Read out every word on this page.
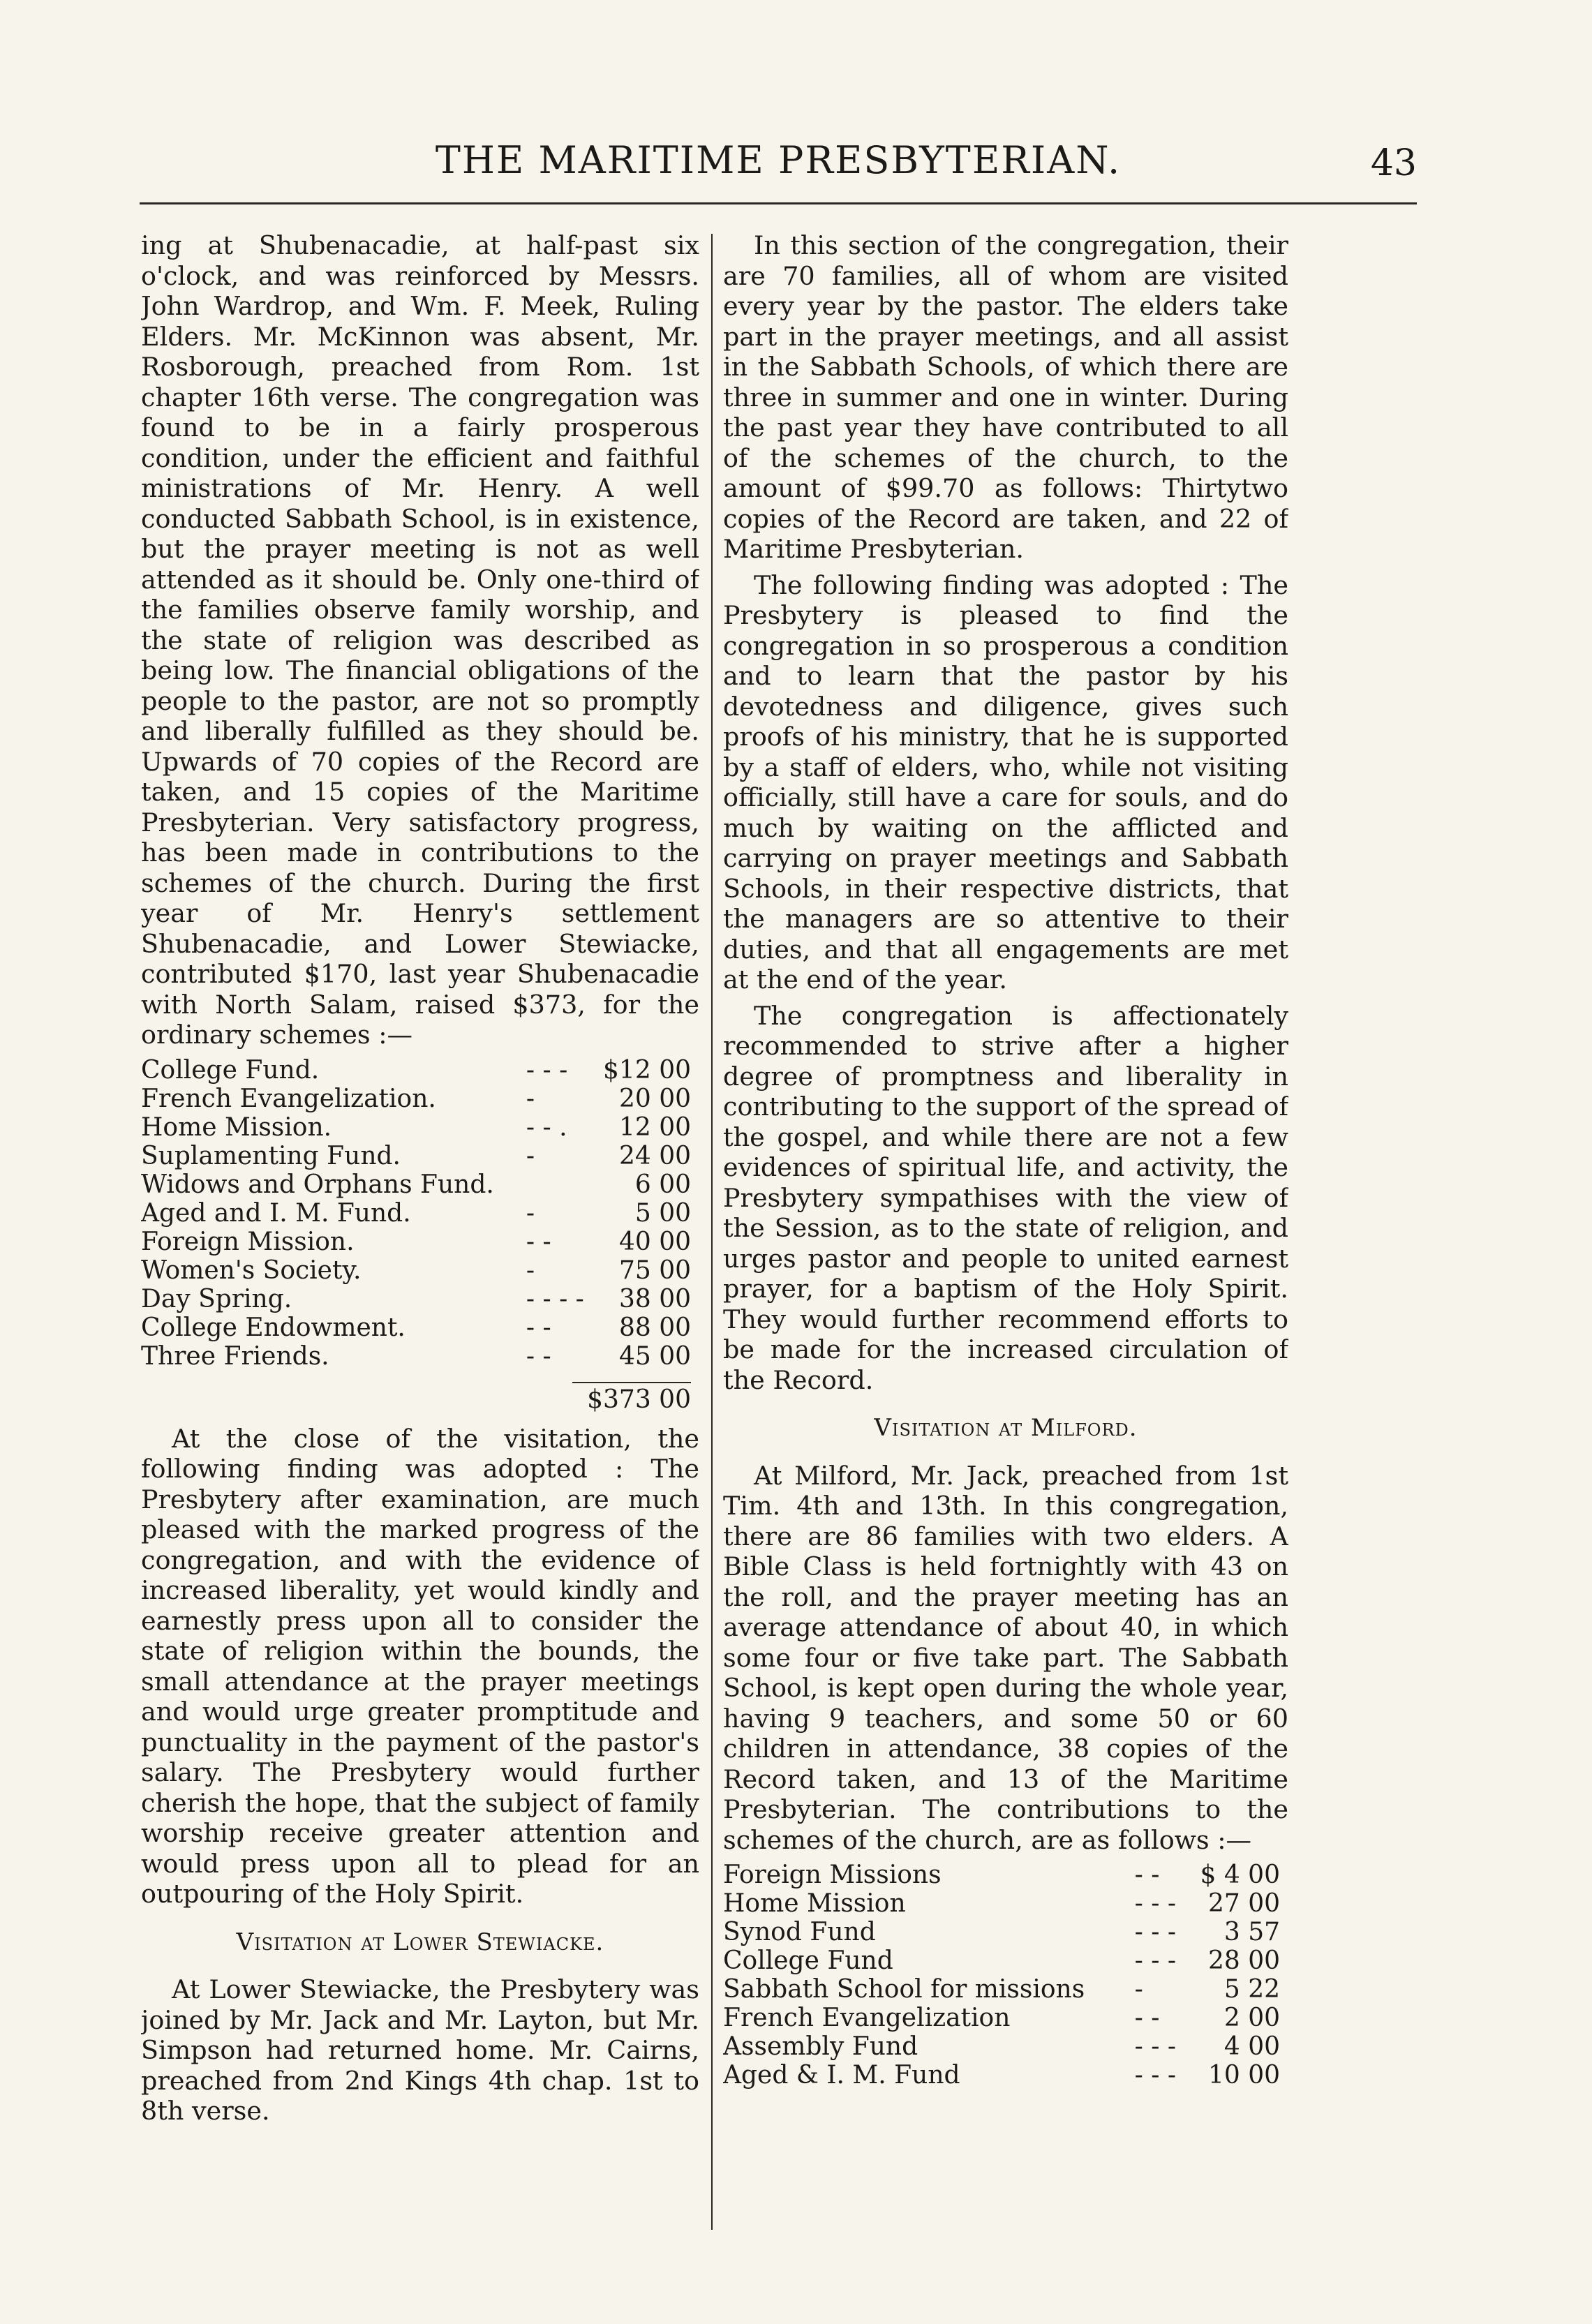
THE MARITIME PRESBYTERIAN.	43

ing at Shubenacadie, at half-past six o'clock, and was reinforced by Messrs. John Wardrop, and Wm. F. Meek, Ruling Elders. Mr. McKinnon was absent, Mr. Rosborough, preached from Rom. 1st chapter 16th verse. The congregation was found to be in a fairly prosperous condition, under the efficient and faithful ministrations of Mr. Henry. A well conducted Sabbath School, is in existence, but the prayer meeting is not as well attended as it should be. Only one-third of the families observe family worship, and the state of religion was described as being low. The financial obligations of the people to the pastor, are not so promptly and liberally fulfilled as they should be. Upwards of 70 copies of the Record are taken, and 15 copies of the Maritime Presbyterian. Very satisfactory progress, has been made in contributions to the schemes of the church. During the first year of Mr. Henry's settlement Shubenacadie, and Lower Stewiacke, contributed $170, last year Shubenacadie with North Salam, raised $373, for the ordinary schemes :—

College Fund.	- - -	$12 00
French Evangelization.	-	20 00
Home Mission.	- - .	12 00
Suplamenting Fund.	-	24 00
Widows and Orphans Fund.		6 00
Aged and I. M. Fund.	-	5 00
Foreign Mission.	- -	40 00
Women's Society.	-	75 00
Day Spring.	- - - -	38 00
College Endowment.	- -	88 00
Three Friends.	- -	45 00
$373 00

At the close of the visitation, the following finding was adopted : The Presbytery after examination, are much pleased with the marked progress of the congregation, and with the evidence of increased liberality, yet would kindly and earnestly press upon all to consider the state of religion within the bounds, the small attendance at the prayer meetings and would urge greater promptitude and punctuality in the payment of the pastor's salary. The Presbytery would further cherish the hope, that the subject of family worship receive greater attention and would press upon all to plead for an outpouring of the Holy Spirit.

Visitation at Lower Stewiacke.

At Lower Stewiacke, the Presbytery was joined by Mr. Jack and Mr. Layton, but Mr. Simpson had returned home. Mr. Cairns, preached from 2nd Kings 4th chap. 1st to 8th verse.

In this section of the congregation, their are 70 families, all of whom are visited every year by the pastor. The elders take part in the prayer meetings, and all assist in the Sabbath Schools, of which there are three in summer and one in winter. During the past year they have contributed to all of the schemes of the church, to the amount of $99.70 as follows: Thirtytwo copies of the Record are taken, and 22 of Maritime Presbyterian.

The following finding was adopted : The Presbytery is pleased to find the congregation in so prosperous a condition and to learn that the pastor by his devotedness and diligence, gives such proofs of his ministry, that he is supported by a staff of elders, who, while not visiting officially, still have a care for souls, and do much by waiting on the afflicted and carrying on prayer meetings and Sabbath Schools, in their respective districts, that the managers are so attentive to their duties, and that all engagements are met at the end of the year.

The congregation is affectionately recommended to strive after a higher degree of promptness and liberality in contributing to the support of the spread of the gospel, and while there are not a few evidences of spiritual life, and activity, the Presbytery sympathises with the view of the Session, as to the state of religion, and urges pastor and people to united earnest prayer, for a baptism of the Holy Spirit. They would further recommend efforts to be made for the increased circulation of the Record.

Visitation at Milford.

At Milford, Mr. Jack, preached from 1st Tim. 4th and 13th. In this congregation, there are 86 families with two elders. A Bible Class is held fortnightly with 43 on the roll, and the prayer meeting has an average attendance of about 40, in which some four or five take part. The Sabbath School, is kept open during the whole year, having 9 teachers, and some 50 or 60 children in attendance, 38 copies of the Record taken, and 13 of the Maritime Presbyterian. The contributions to the schemes of the church, are as follows :—

Foreign Missions	- -	$ 4 00
Home Mission	- - -	27 00
Synod Fund	- - -	3 57
College Fund	- - -	28 00
Sabbath School for missions	-	5 22
French Evangelization	- -	2 00
Assembly Fund	- - -	4 00
Aged & I. M. Fund	- - -	10 00
